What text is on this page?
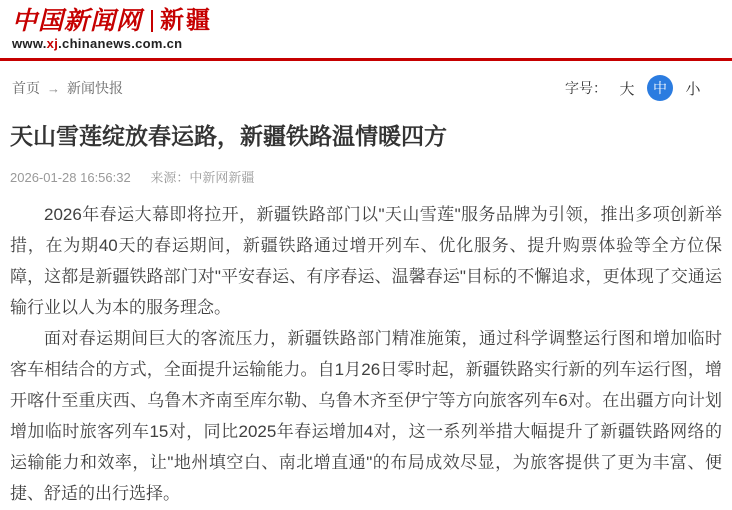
中国新闻网 新疆
www.xj.chinanews.com.cn
首页 → 新闻快报	字号： 大	中	小
天山雪莲绽放春运路，新疆铁路温情暖四方
2026-01-28 16:56:32 来源：中新网新疆

2026年春运大幕即将拉开，新疆铁路部门以"天山雪莲"服务品牌为引领，推出多项创新举措，在为期40天的春运期间，新疆铁路通过增开列车、优化服务、提升购票体验等全方位保障，这都是新疆铁路部门对"平安春运、有序春运、温馨春运"目标的不懈追求，更体现了交通运输行业以人为本的服务理念。

面对春运期间巨大的客流压力，新疆铁路部门精准施策，通过科学调整运行图和增加临时客车相结合的方式，全面提升运输能力。自1月26日零时起，新疆铁路实行新的列车运行图，增开喀什至重庆西、乌鲁木齐南至库尔勒、乌鲁木齐至伊宁等方向旅客列车6对。在出疆方向计划增加临时旅客列车15对，同比2025年春运增加4对，这一系列举措大幅提升了新疆铁路网络的运输能力和效率，让"地州填空白、南北增直通"的布局成效尽显，为旅客提供了更为丰富、便捷、舒适的出行选择。
